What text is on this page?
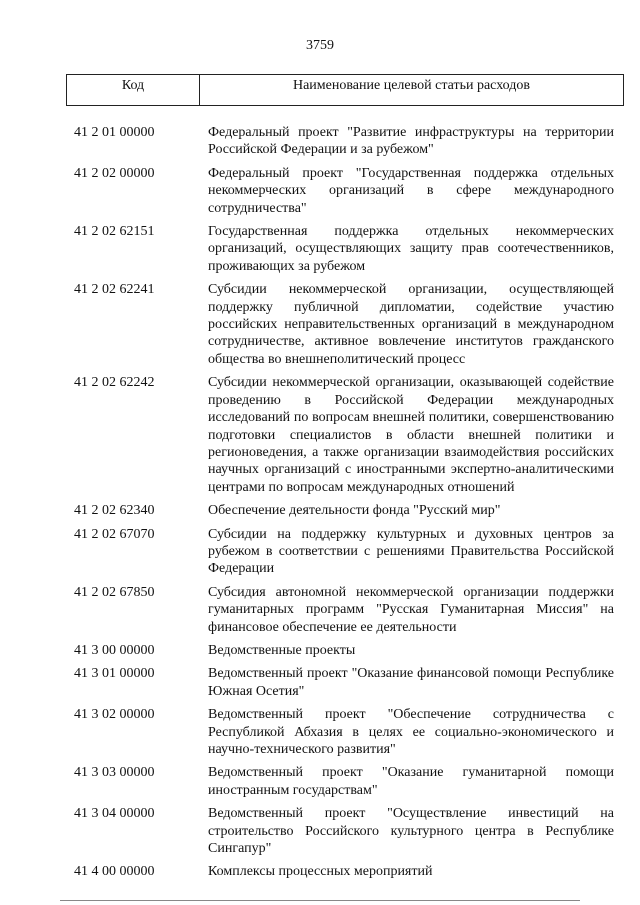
3759
Код	Наименование целевой статьи расходов
41 2 01 00000	Федеральный проект "Развитие инфраструктуры на территории Российской Федерации и за рубежом"
41 2 02 00000	Федеральный проект "Государственная поддержка отдельных некоммерческих организаций в сфере международного сотрудничества"
41 2 02 62151	Государственная поддержка отдельных некоммерческих организаций, осуществляющих защиту прав соотечественников, проживающих за рубежом
41 2 02 62241	Субсидии некоммерческой организации, осуществляющей поддержку публичной дипломатии, содействие участию российских неправительственных организаций в международном сотрудничестве, активное вовлечение институтов гражданского общества во внешнеполитический процесс
41 2 02 62242	Субсидии некоммерческой организации, оказывающей содействие проведению в Российской Федерации международных исследований по вопросам внешней политики, совершенствованию подготовки специалистов в области внешней политики и регионоведения, а также организации взаимодействия российских научных организаций с иностранными экспертно-аналитическими центрами по вопросам международных отношений
41 2 02 62340	Обеспечение деятельности фонда "Русский мир"
41 2 02 67070	Субсидии на поддержку культурных и духовных центров за рубежом в соответствии с решениями Правительства Российской Федерации
41 2 02 67850	Субсидия автономной некоммерческой организации поддержки гуманитарных программ "Русская Гуманитарная Миссия" на финансовое обеспечение ее деятельности
41 3 00 00000	Ведомственные проекты
41 3 01 00000	Ведомственный проект "Оказание финансовой помощи Республике Южная Осетия"
41 3 02 00000	Ведомственный проект "Обеспечение сотрудничества с Республикой Абхазия в целях ее социально-экономического и научно-технического развития"
41 3 03 00000	Ведомственный проект "Оказание гуманитарной помощи иностранным государствам"
41 3 04 00000	Ведомственный проект "Осуществление инвестиций на строительство Российского культурного центра в Республике Сингапур"
41 4 00 00000	Комплексы процессных мероприятий
